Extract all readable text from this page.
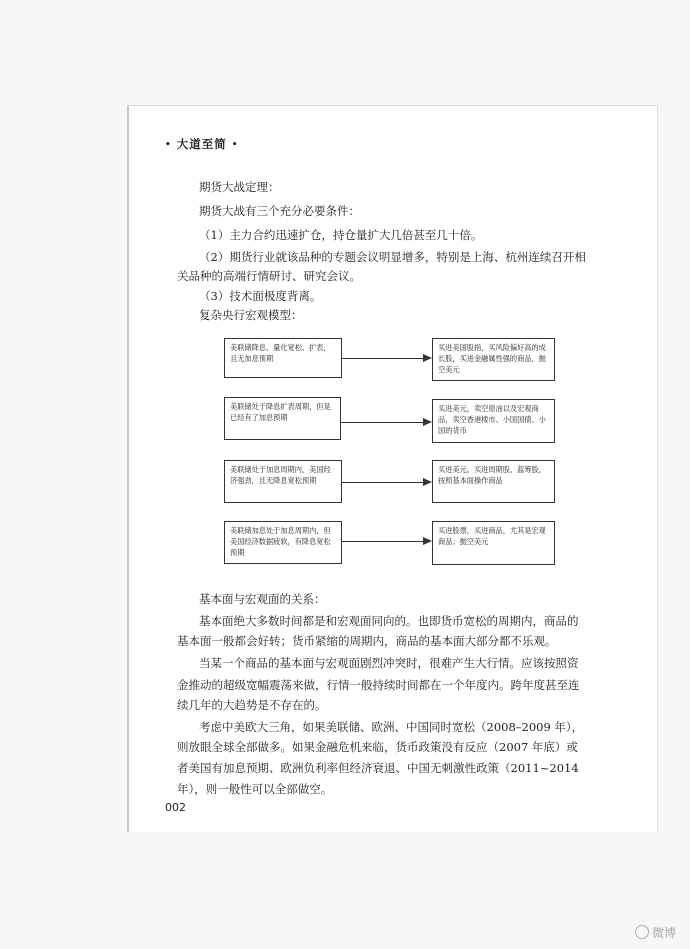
• 大道至简 •
期货大战定理：
期货大战有三个充分必要条件：
（1）主力合约迅速扩仓，持仓量扩大几倍甚至几十倍。
（2）期货行业就该品种的专题会议明显增多，特别是上海、杭州连续召开相
关品种的高端行情研讨、研究会议。
（3）技术面极度背离。
复杂央行宏观模型：
美联储降息、量化宽松、扩表，且无加息预期
买进美国股指，买风险偏好高的成长股，买进金融属性强的商品，抛空美元
美联储处于降息扩表周期，但是已经有了加息预期
买进美元，卖空原油以及宏观商品，卖空香港楼市、小国国债、小国的货币
美联储处于加息周期内，美国经济强劲，且无降息宽松预期
买进美元，买进周期股、蓝筹股，按照基本面操作商品
美联储加息处于加息周期内，但美国经济数据疲软，有降息宽松预期
买进股票，买进商品，尤其是宏观商品；抛空美元
基本面与宏观面的关系：
基本面绝大多数时间都是和宏观面同向的。也即货币宽松的周期内，商品的
基本面一般都会好转；货币紧缩的周期内，商品的基本面大部分都不乐观。
当某一个商品的基本面与宏观面剧烈冲突时，很难产生大行情。应该按照资
金推动的超级宽幅震荡来做，行情一般持续时间都在一个年度内。跨年度甚至连
续几年的大趋势是不存在的。
考虑中美欧大三角，如果美联储、欧洲、中国同时宽松（2008–2009 年），
则放眼全球全部做多。如果金融危机来临，货币政策没有反应（2007 年底）或
者美国有加息预期、欧洲负利率但经济衰退、中国无刺激性政策（2011~2014
年），则一般性可以全部做空。
002
微博
